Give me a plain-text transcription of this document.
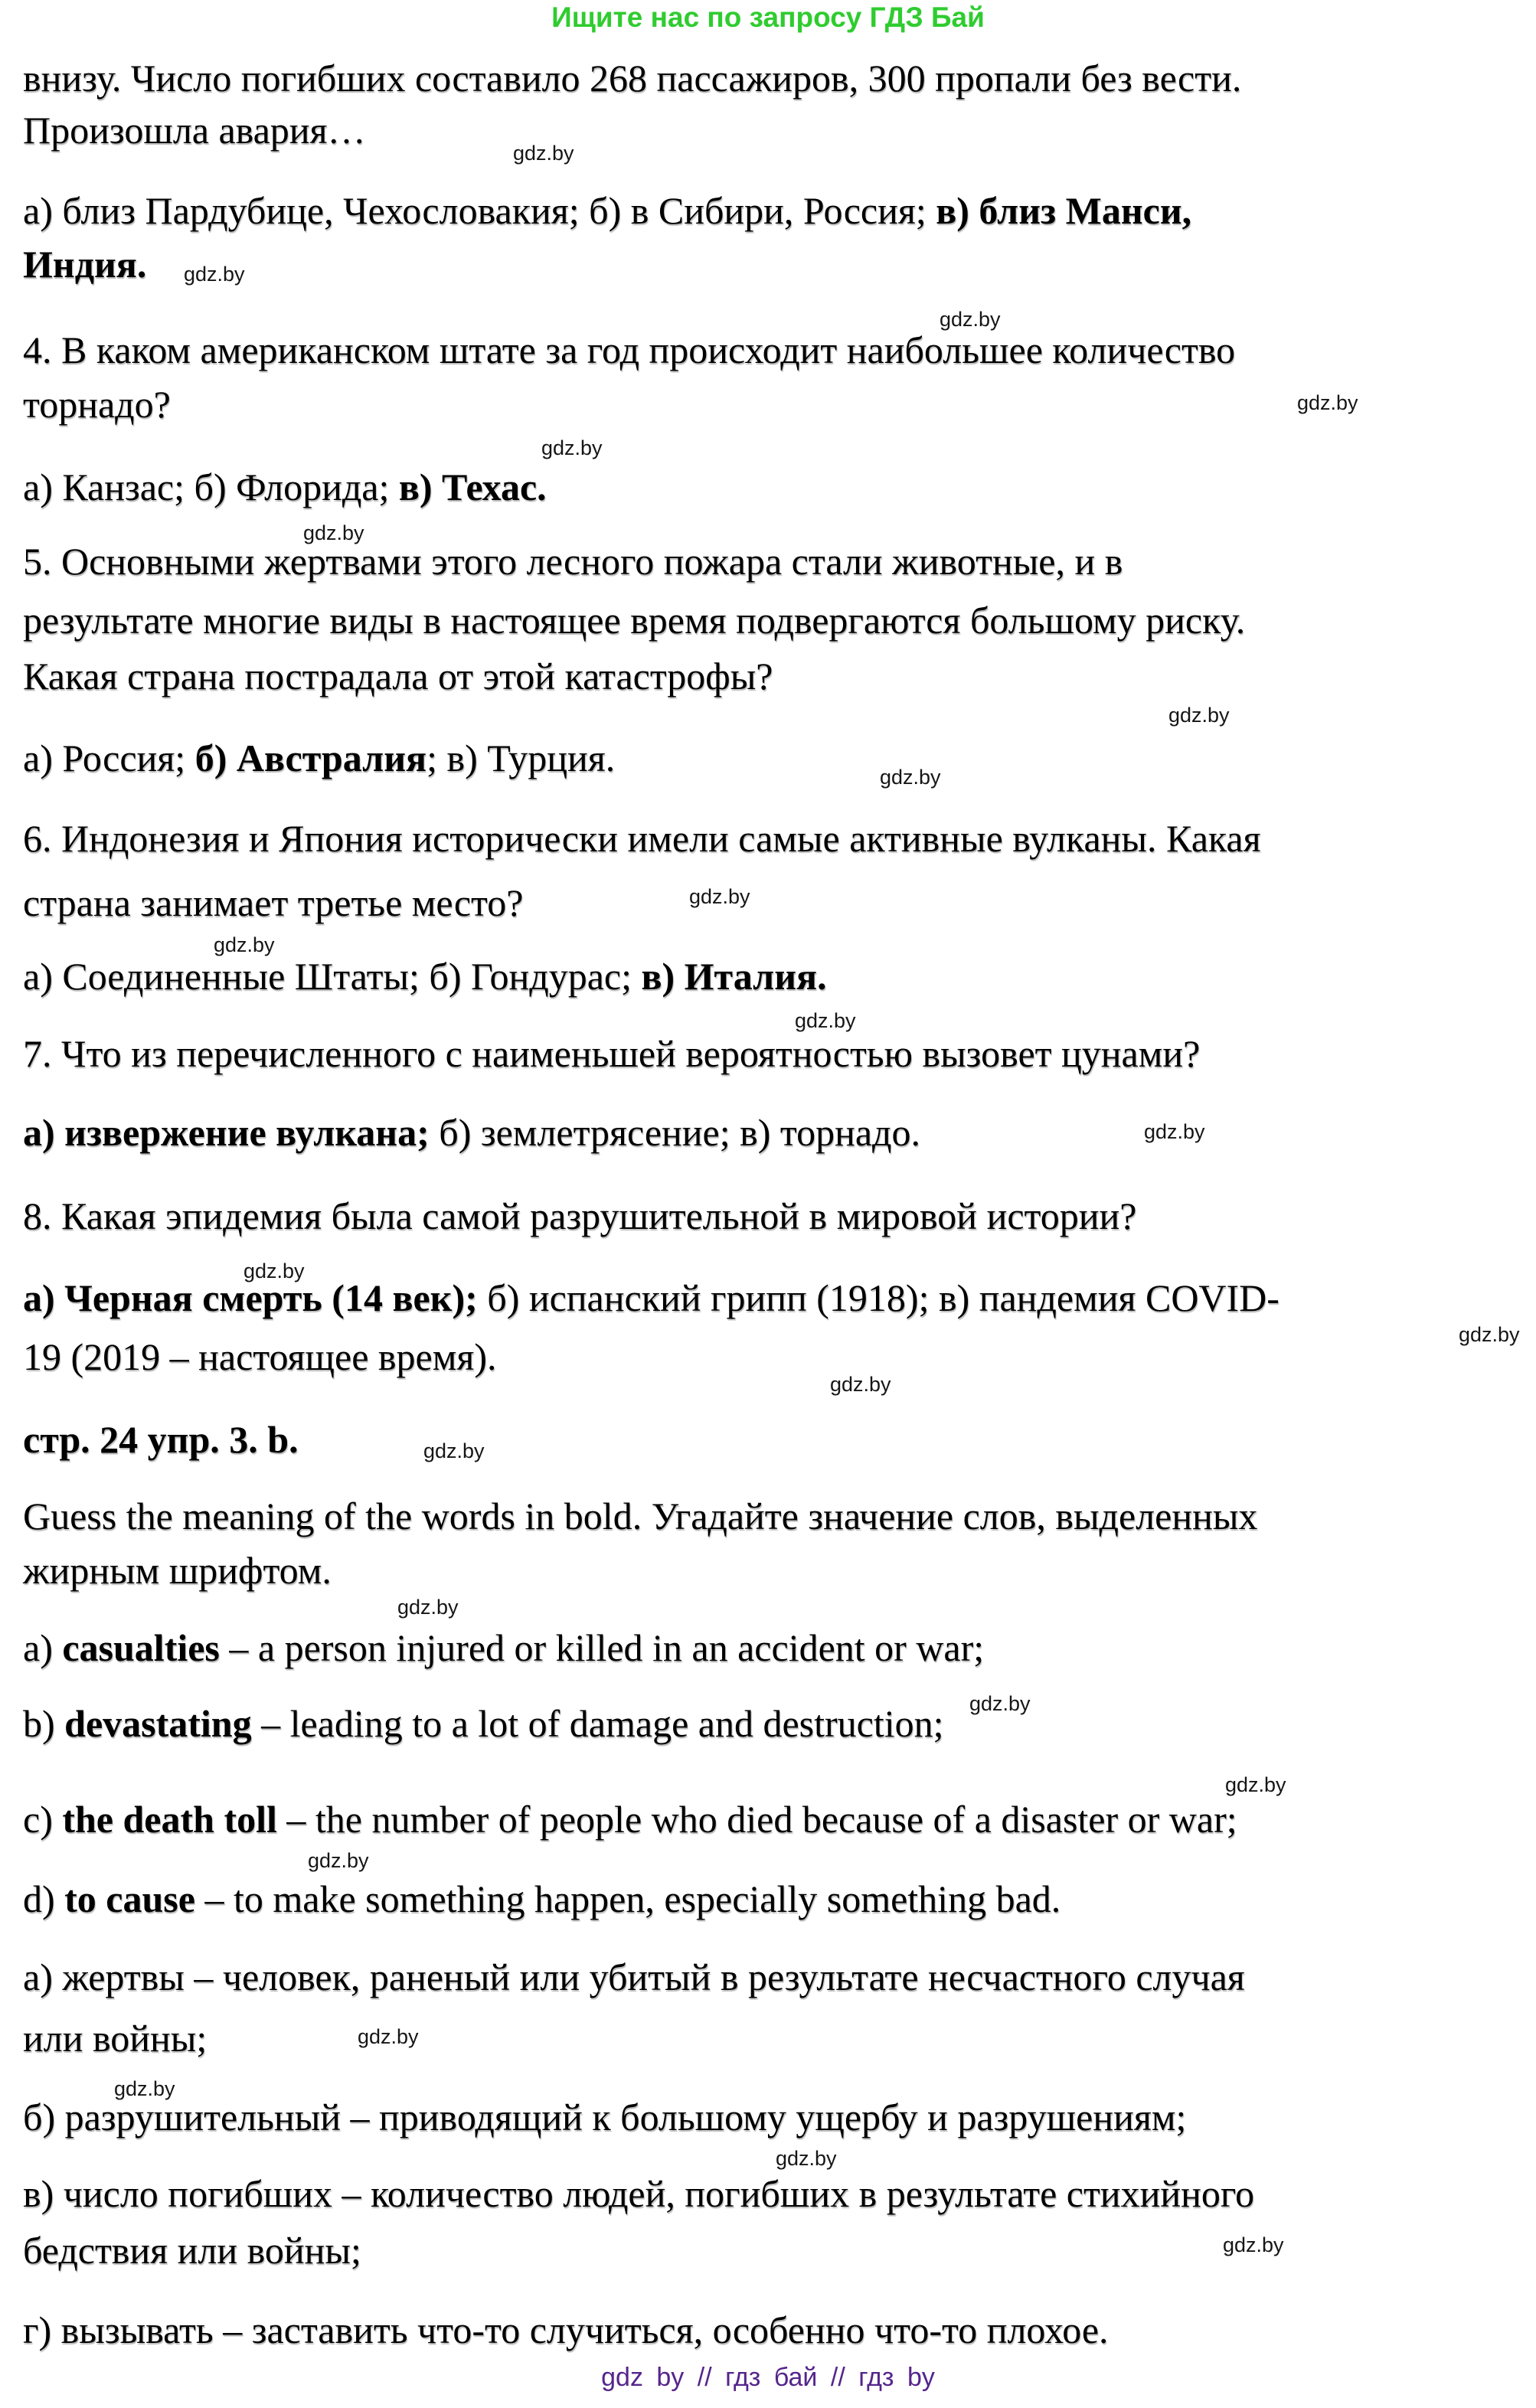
Ищите нас по запросу ГДЗ Бай
внизу. Число погибших составило 268 пассажиров, 300 пропали без вести.
Произошла авария…
а) близ Пардубице, Чехословакия; б) в Сибири, Россия; в) близ Манси,
Индия.
4. В каком американском штате за год происходит наибольшее количество
торнадо?
а) Канзас; б) Флорида; в) Техас.
5. Основными жертвами этого лесного пожара стали животные, и в
результате многие виды в настоящее время подвергаются большому риску.
Какая страна пострадала от этой катастрофы?
а) Россия; б) Австралия; в) Турция.
6. Индонезия и Япония исторически имели самые активные вулканы. Какая
страна занимает третье место?
а) Соединенные Штаты; б) Гондурас; в) Италия.
7. Что из перечисленного с наименьшей вероятностью вызовет цунами?
а) извержение вулкана; б) землетрясение; в) торнадо.
8. Какая эпидемия была самой разрушительной в мировой истории?
а) Черная смерть (14 век); б) испанский грипп (1918); в) пандемия COVID-
19 (2019 – настоящее время).
стр. 24 упр. 3. b.
Guess the meaning of the words in bold. Угадайте значение слов, выделенных
жирным шрифтом.
a) casualties – a person injured or killed in an accident or war;
b) devastating – leading to a lot of damage and destruction;
c) the death toll – the number of people who died because of a disaster or war;
d) to cause – to make something happen, especially something bad.
а) жертвы – человек, раненый или убитый в результате несчастного случая
или войны;
б) разрушительный – приводящий к большому ущербу и разрушениям;
в) число погибших – количество людей, погибших в результате стихийного
бедствия или войны;
г) вызывать – заставить что-то случиться, особенно что-то плохое.
gdz.by
gdz.by
gdz.by
gdz.by
gdz.by
gdz.by
gdz.by
gdz.by
gdz.by
gdz.by
gdz.by
gdz.by
gdz.by
gdz.by
gdz.by
gdz.by
gdz.by
gdz.by
gdz.by
gdz.by
gdz.by
gdz.by
gdz.by
gdz.by
gdz by // гдз бай // гдз by
